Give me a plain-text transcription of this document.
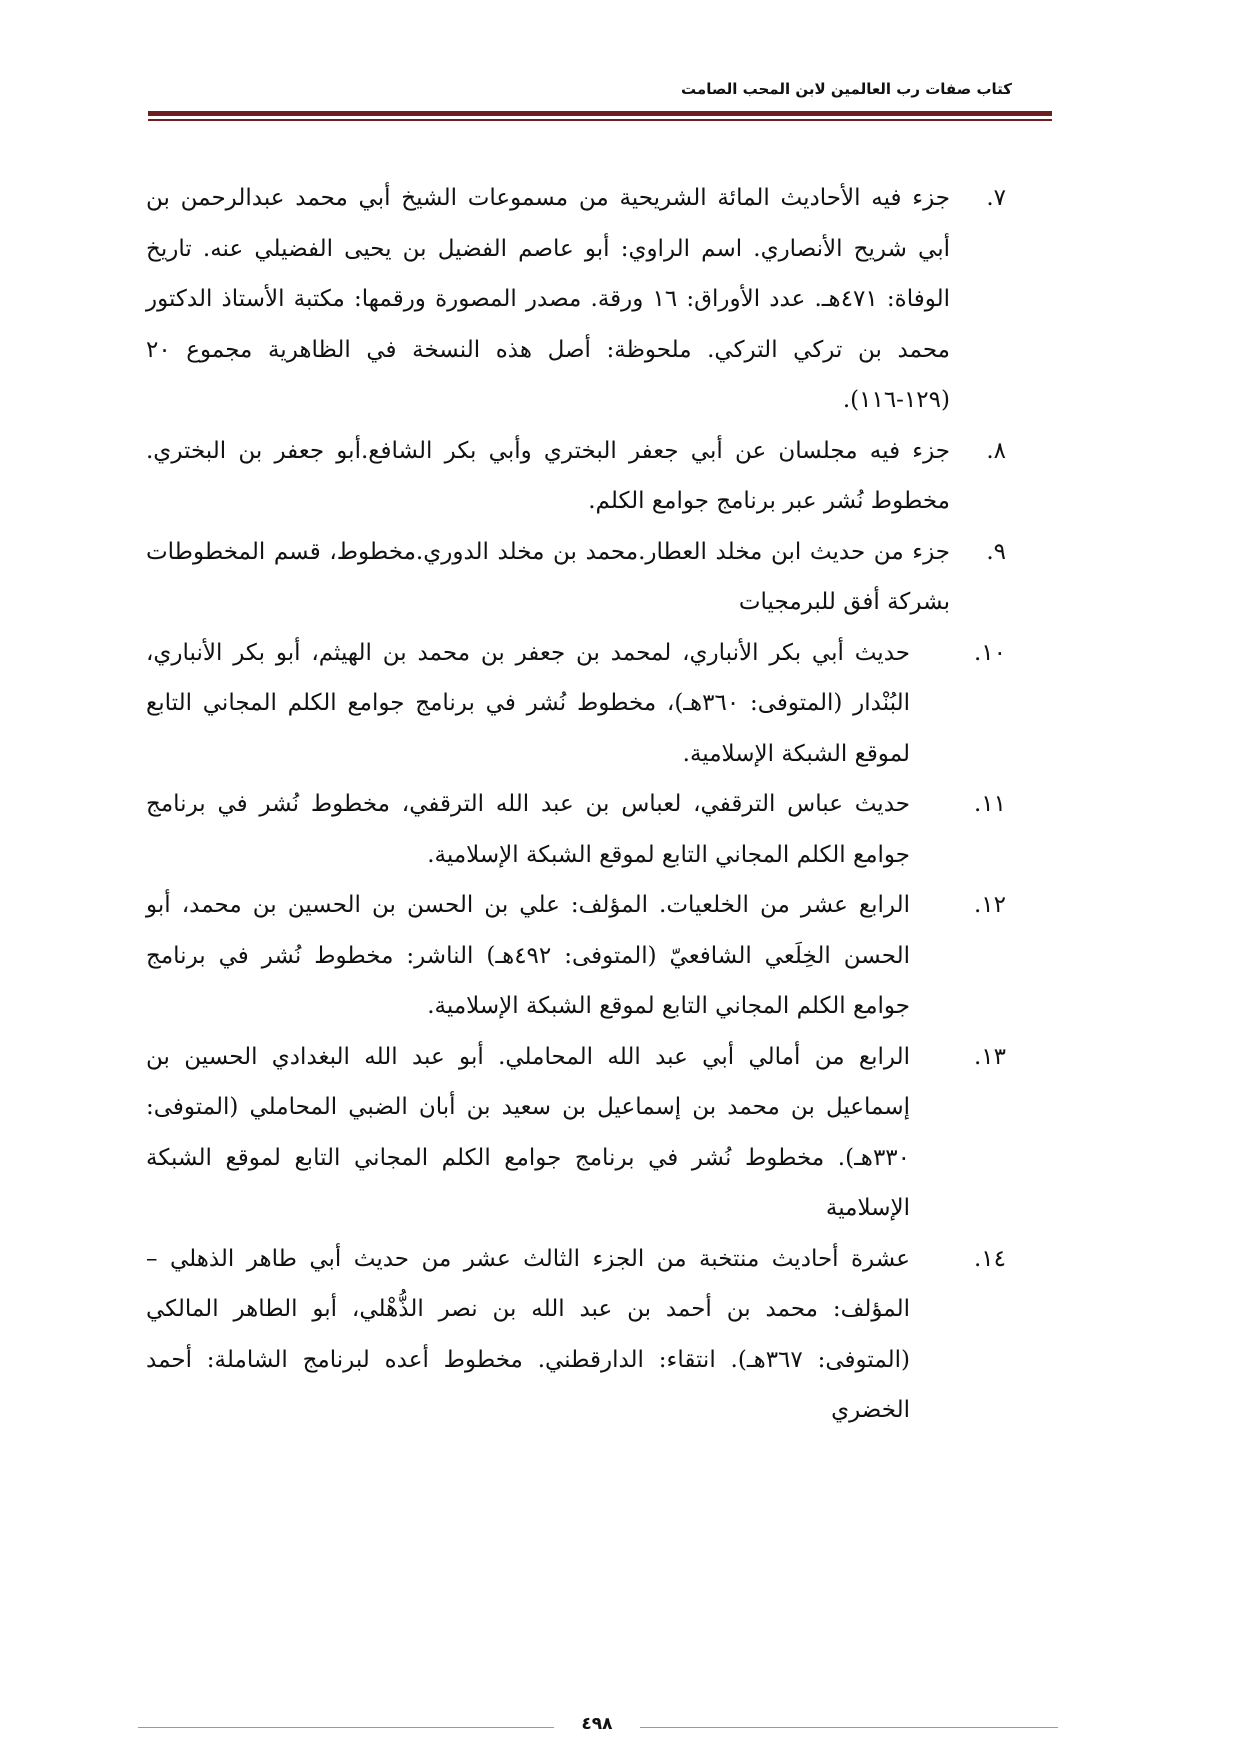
كتاب صفات رب العالمين لابن المحب الصامت
٧.
جزء فيه الأحاديث المائة الشريحية من مسموعات الشيخ أبي محمد عبدالرحمن بن أبي شريح الأنصاري. اسم الراوي: أبو عاصم الفضيل بن يحيى الفضيلي عنه. تاريخ الوفاة: ٤٧١هـ. عدد الأوراق: ١٦ ورقة. مصدر المصورة ورقمها: مكتبة الأستاذ الدكتور محمد بن تركي التركي. ملحوظة: أصل هذه النسخة في الظاهرية مجموع ٢٠ (١٢٩-١١٦).
٨.
جزء فيه مجلسان عن أبي جعفر البختري وأبي بكر الشافع.أبو جعفر بن البختري. مخطوط نُشر عبر برنامج جوامع الكلم.
٩.
جزء من حديث ابن مخلد العطار.محمد بن مخلد الدوري.مخطوط، قسم المخطوطات بشركة أفق للبرمجيات
١٠.
حديث أبي بكر الأنباري، لمحمد بن جعفر بن محمد بن الهيثم، أبو بكر الأنباري، البُنْدار (المتوفى: ٣٦٠هـ)، مخطوط نُشر في برنامج جوامع الكلم المجاني التابع لموقع الشبكة الإسلامية.
١١.
حديث عباس الترقفي، لعباس بن عبد الله الترقفي، مخطوط نُشر في برنامج جوامع الكلم المجاني التابع لموقع الشبكة الإسلامية.
١٢.
الرابع عشر من الخلعيات. المؤلف: علي بن الحسن بن الحسين بن محمد، أبو الحسن الخِلَعي الشافعيّ (المتوفى: ٤٩٢هـ) الناشر: مخطوط نُشر في برنامج جوامع الكلم المجاني التابع لموقع الشبكة الإسلامية.
١٣.
الرابع من أمالي أبي عبد الله المحاملي. أبو عبد الله البغدادي الحسين بن إسماعيل بن محمد بن إسماعيل بن سعيد بن أبان الضبي المحاملي (المتوفى: ٣٣٠هـ). مخطوط نُشر في برنامج جوامع الكلم المجاني التابع لموقع الشبكة الإسلامية
١٤.
عشرة أحاديث منتخبة من الجزء الثالث عشر من حديث أبي طاهر الذهلي – المؤلف: محمد بن أحمد بن عبد الله بن نصر الذُّهْلي، أبو الطاهر المالكي (المتوفى: ٣٦٧هـ). انتقاء: الدارقطني. مخطوط أعده لبرنامج الشاملة: أحمد الخضري
٤٩٨
